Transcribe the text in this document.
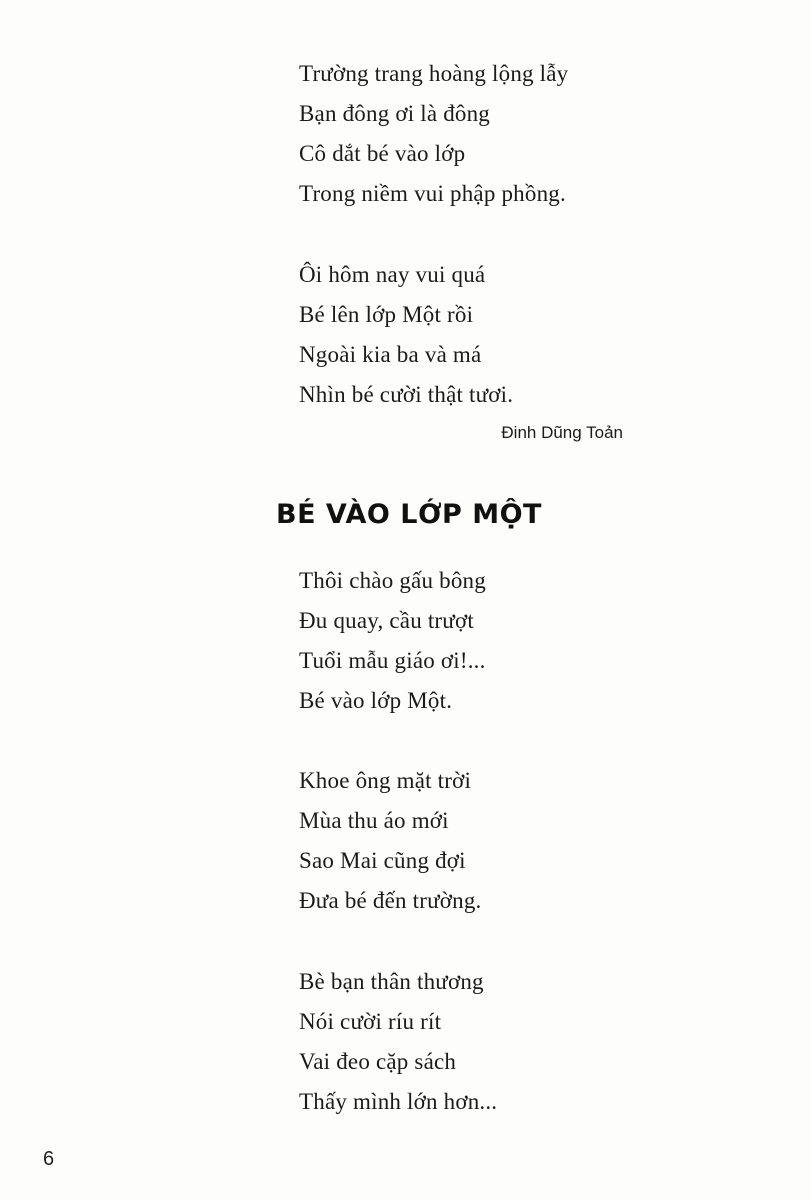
Trường trang hoàng lộng lẫy
Bạn đông ơi là đông
Cô dắt bé vào lớp
Trong niềm vui phập phồng.
Ôi hôm nay vui quá
Bé lên lớp Một rồi
Ngoài kia ba và má
Nhìn bé cười thật tươi.
Đinh Dũng Toản
BÉ VÀO LỚP MỘT
Thôi chào gấu bông
Đu quay, cầu trượt
Tuổi mẫu giáo ơi!...
Bé vào lớp Một.
Khoe ông mặt trời
Mùa thu áo mới
Sao Mai cũng đợi
Đưa bé đến trường.
Bè bạn thân thương
Nói cười ríu rít
Vai đeo cặp sách
Thấy mình lớn hơn...
6
